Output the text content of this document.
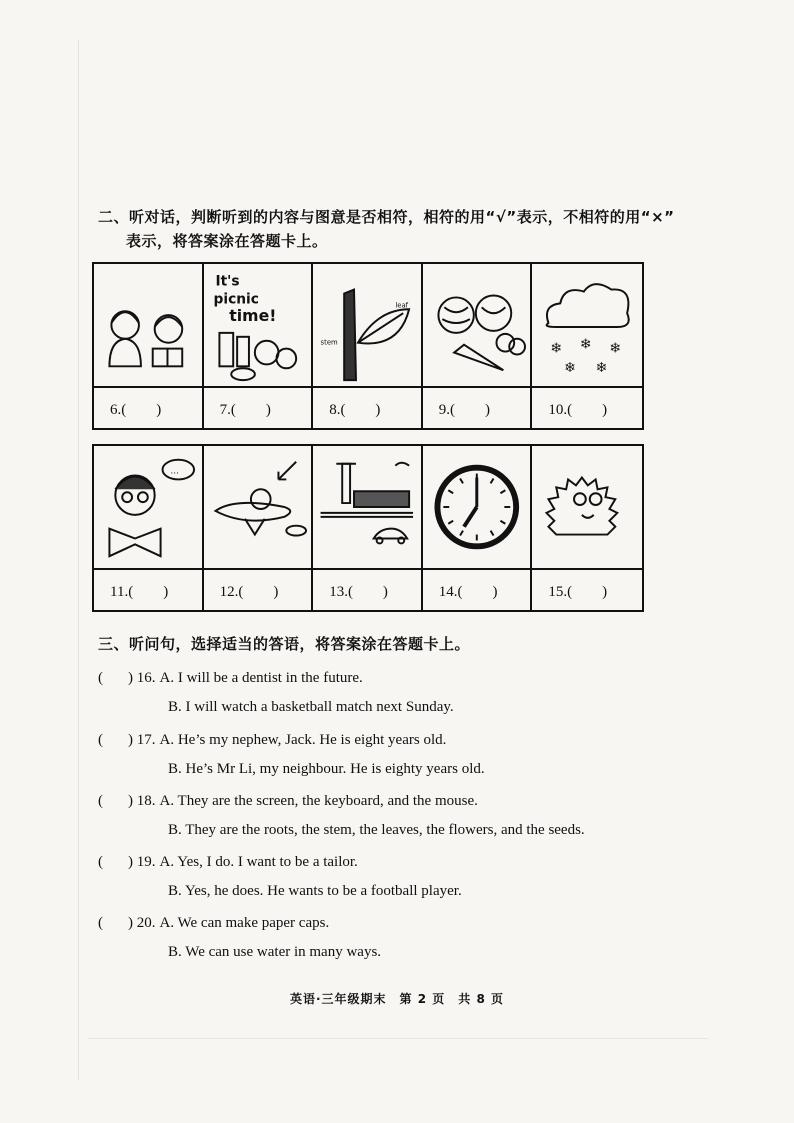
二、听对话，判断听到的内容与图意是否相符，相符的用“√”表示，不相符的用“×”
表示，将答案涂在答题卡上。
It's
picnic
time!
leaf
stem	❄ ❄ ❄
❄ ❄
6.(　　)	7.(　　)	8.(　　)	9.(　　)	10.(　　)
...
11.(　　)	12.(　　)	13.(　　)	14.(　　)	15.(　　)
三、听问句，选择适当的答语，将答案涂在答题卡上。
( ) 16. A. I will be a dentist in the future.
B. I will watch a basketball match next Sunday.
( ) 17. A. He’s my nephew, Jack. He is eight years old.
B. He’s Mr Li, my neighbour. He is eighty years old.
( ) 18. A. They are the screen, the keyboard, and the mouse.
B. They are the roots, the stem, the leaves, the flowers, and the seeds.
( ) 19. A. Yes, I do. I want to be a tailor.
B. Yes, he does. He wants to be a football player.
( ) 20. A. We can make paper caps.
B. We can use water in many ways.
英语·三年级期末　第 2 页　共 8 页
